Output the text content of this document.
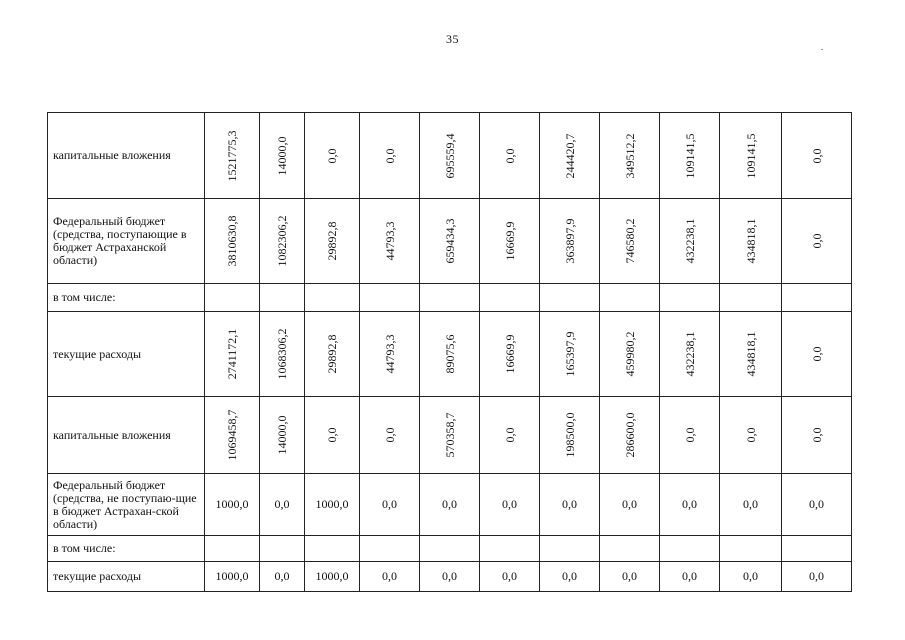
35
капитальные вложения	1521775,3	14000,0	0,0	0,0	695559,4	0,0	244420,7	349512,2	109141,5	109141,5	0,0

Федеральный бюджет (средства, поступающие в бюджет Астраханской области)	3810630,8	1082306,2	29892,8	44793,3	659434,3	16669,9	363897,9	746580,2	432238,1	434818,1	0,0

в том числе:											
текущие расходы	2741172,1	1068306,2	29892,8	44793,3	89075,6	16669,9	165397,9	459980,2	432238,1	434818,1	0,0

капитальные вложения	1069458,7	14000,0	0,0	0,0	570358,7	0,0	198500,0	286600,0	0,0	0,0	0,0

Федеральный бюджет (средства, не поступаю-щие в бюджет Астрахан-ской области)	1000,0	0,0	1000,0	0,0	0,0	0,0	0,0	0,0	0,0	0,0	0,0
в том числе:											
текущие расходы	1000,0	0,0	1000,0	0,0	0,0	0,0	0,0	0,0	0,0	0,0	0,0
